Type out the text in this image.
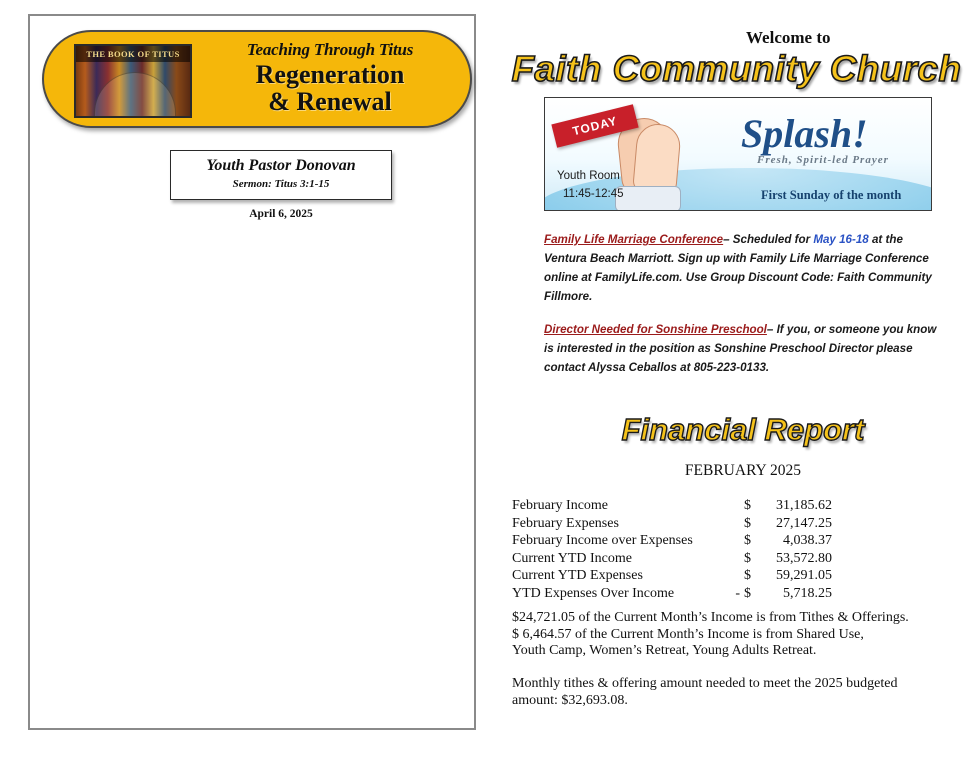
THE BOOK OF TITUS	Teaching Through Titus
Regeneration
& Renewal
Youth Pastor Donovan
Sermon: Titus 3:1-15
April 6, 2025
Welcome to
Faith Community Church
Splash!
Fresh, Spirit-led Prayer
First Sunday of the month
TODAY
Youth Room
11:45-12:45
Family Life Marriage Conference– Scheduled for May 16-18 at the Ventura Beach Marriott. Sign up with Family Life Marriage Conference online at FamilyLife.com. Use Group Discount Code: Faith Community Fillmore.
Director Needed for Sonshine Preschool– If you, or someone you know is interested in the position as Sonshine Preschool Director please contact Alyssa Ceballos at 805-223-0133.
Financial Report
FEBRUARY 2025
February Income		$	31,185.62
February Expenses		$	27,147.25
February Income over Expenses		$	4,038.37
Current YTD Income		$	53,572.80
Current YTD Expenses		$	59,291.05
YTD Expenses Over Income	-	$	5,718.25
$24,721.05 of the Current Month’s Income is from Tithes & Offerings.
$ 6,464.57 of the Current Month’s Income is from Shared Use,
Youth Camp, Women’s Retreat, Young Adults Retreat.
Monthly tithes & offering amount needed to meet the 2025 budgeted
amount: $32,693.08.
